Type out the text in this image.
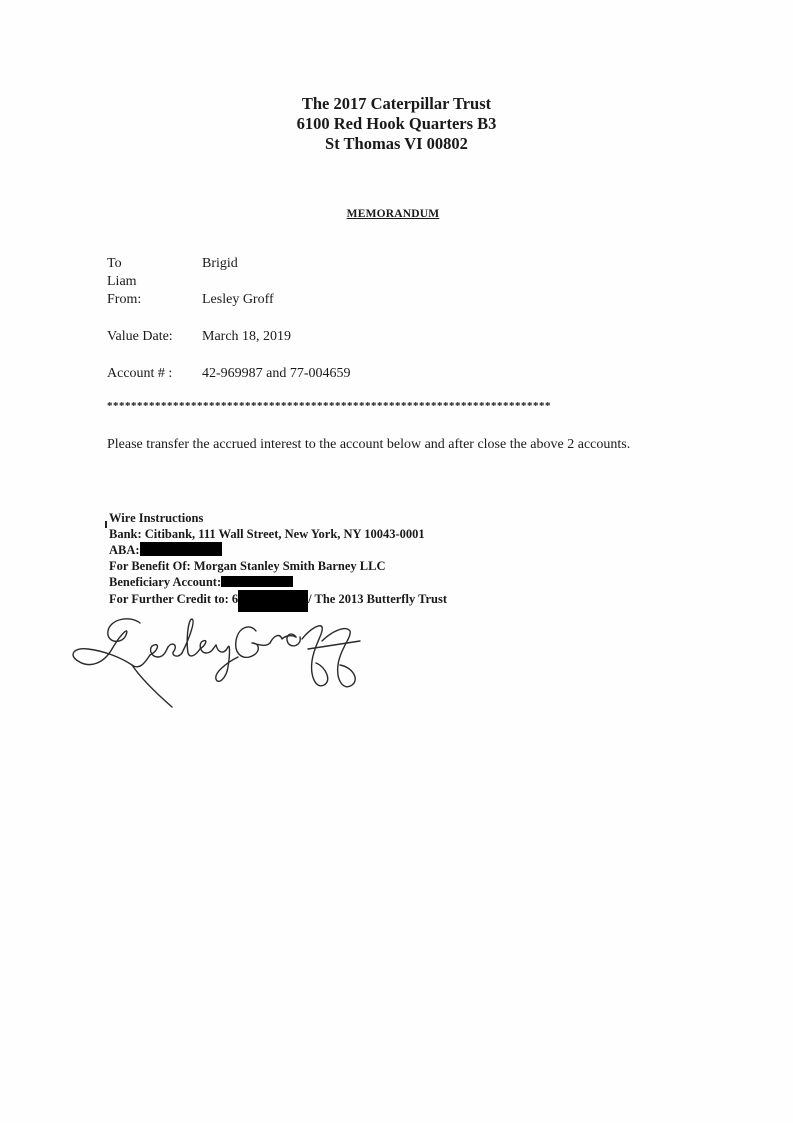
The 2017 Caterpillar Trust
6100 Red Hook Quarters B3
St Thomas VI 00802
MEMORANDUM
To	Brigid
Liam
From:	Lesley Groff
Value Date: March 18, 2019
Account # : 42-969987 and 77-004659
**************************************************************************
Please transfer the accrued interest to the account below and after close the above 2 accounts.
Wire Instructions
Bank: Citibank, 111 Wall Street, New York, NY 10043-0001
ABA:
For Benefit Of: Morgan Stanley Smith Barney LLC
Beneficiary Account:
For Further Credit to: 6	/ The 2013 Butterfly Trust
